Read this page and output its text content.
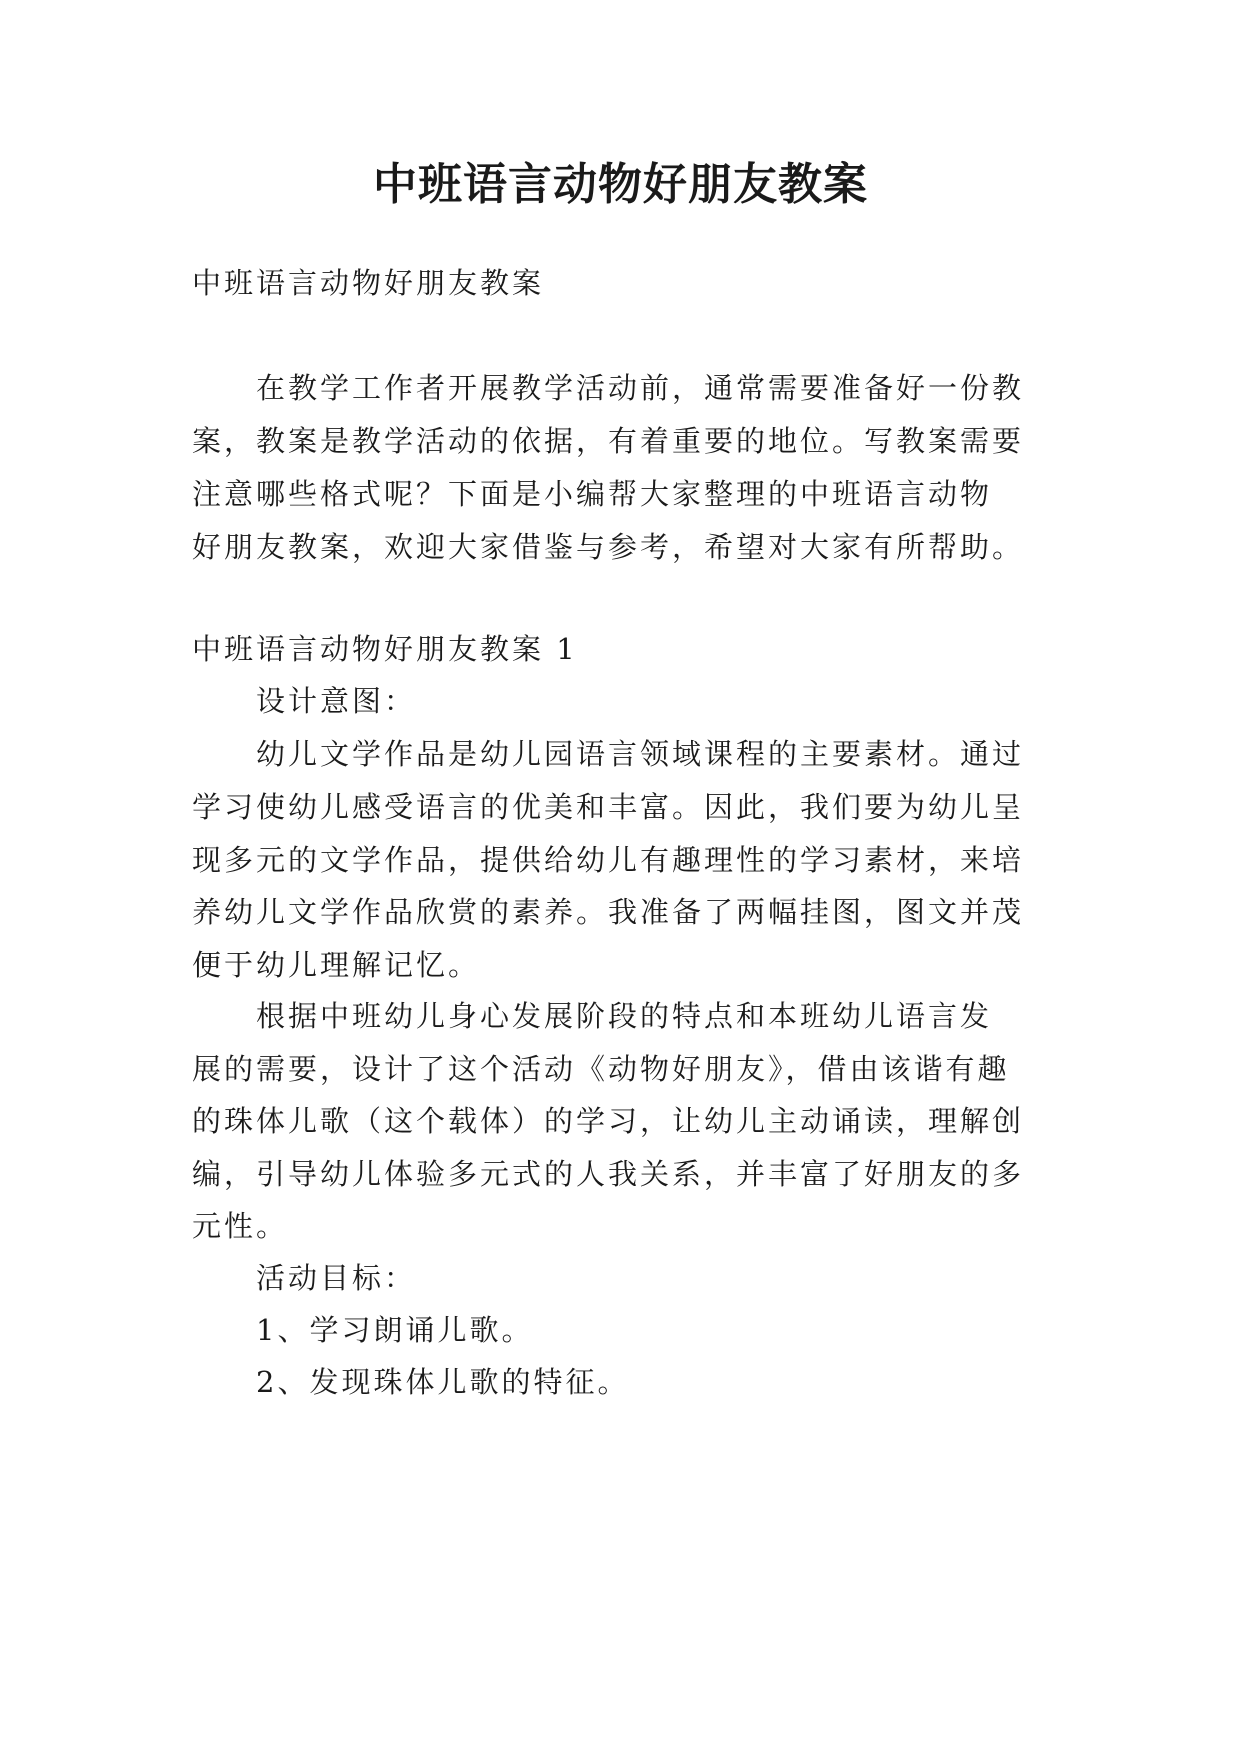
中班语言动物好朋友教案

中班语言动物好朋友教案

在教学工作者开展教学活动前，通常需要准备好一份教

案，教案是教学活动的依据，有着重要的地位。写教案需要

注意哪些格式呢？下面是小编帮大家整理的中班语言动物

好朋友教案，欢迎大家借鉴与参考，希望对大家有所帮助。

中班语言动物好朋友教案 1

设计意图：

幼儿文学作品是幼儿园语言领域课程的主要素材。通过

学习使幼儿感受语言的优美和丰富。因此，我们要为幼儿呈

现多元的文学作品，提供给幼儿有趣理性的学习素材，来培

养幼儿文学作品欣赏的素养。我准备了两幅挂图，图文并茂

便于幼儿理解记忆。

根据中班幼儿身心发展阶段的特点和本班幼儿语言发

展的需要，设计了这个活动《动物好朋友》，借由该谐有趣

的珠体儿歌（这个载体）的学习，让幼儿主动诵读，理解创

编，引导幼儿体验多元式的人我关系，并丰富了好朋友的多

元性。

活动目标：

1、学习朗诵儿歌。

2、发现珠体儿歌的特征。
